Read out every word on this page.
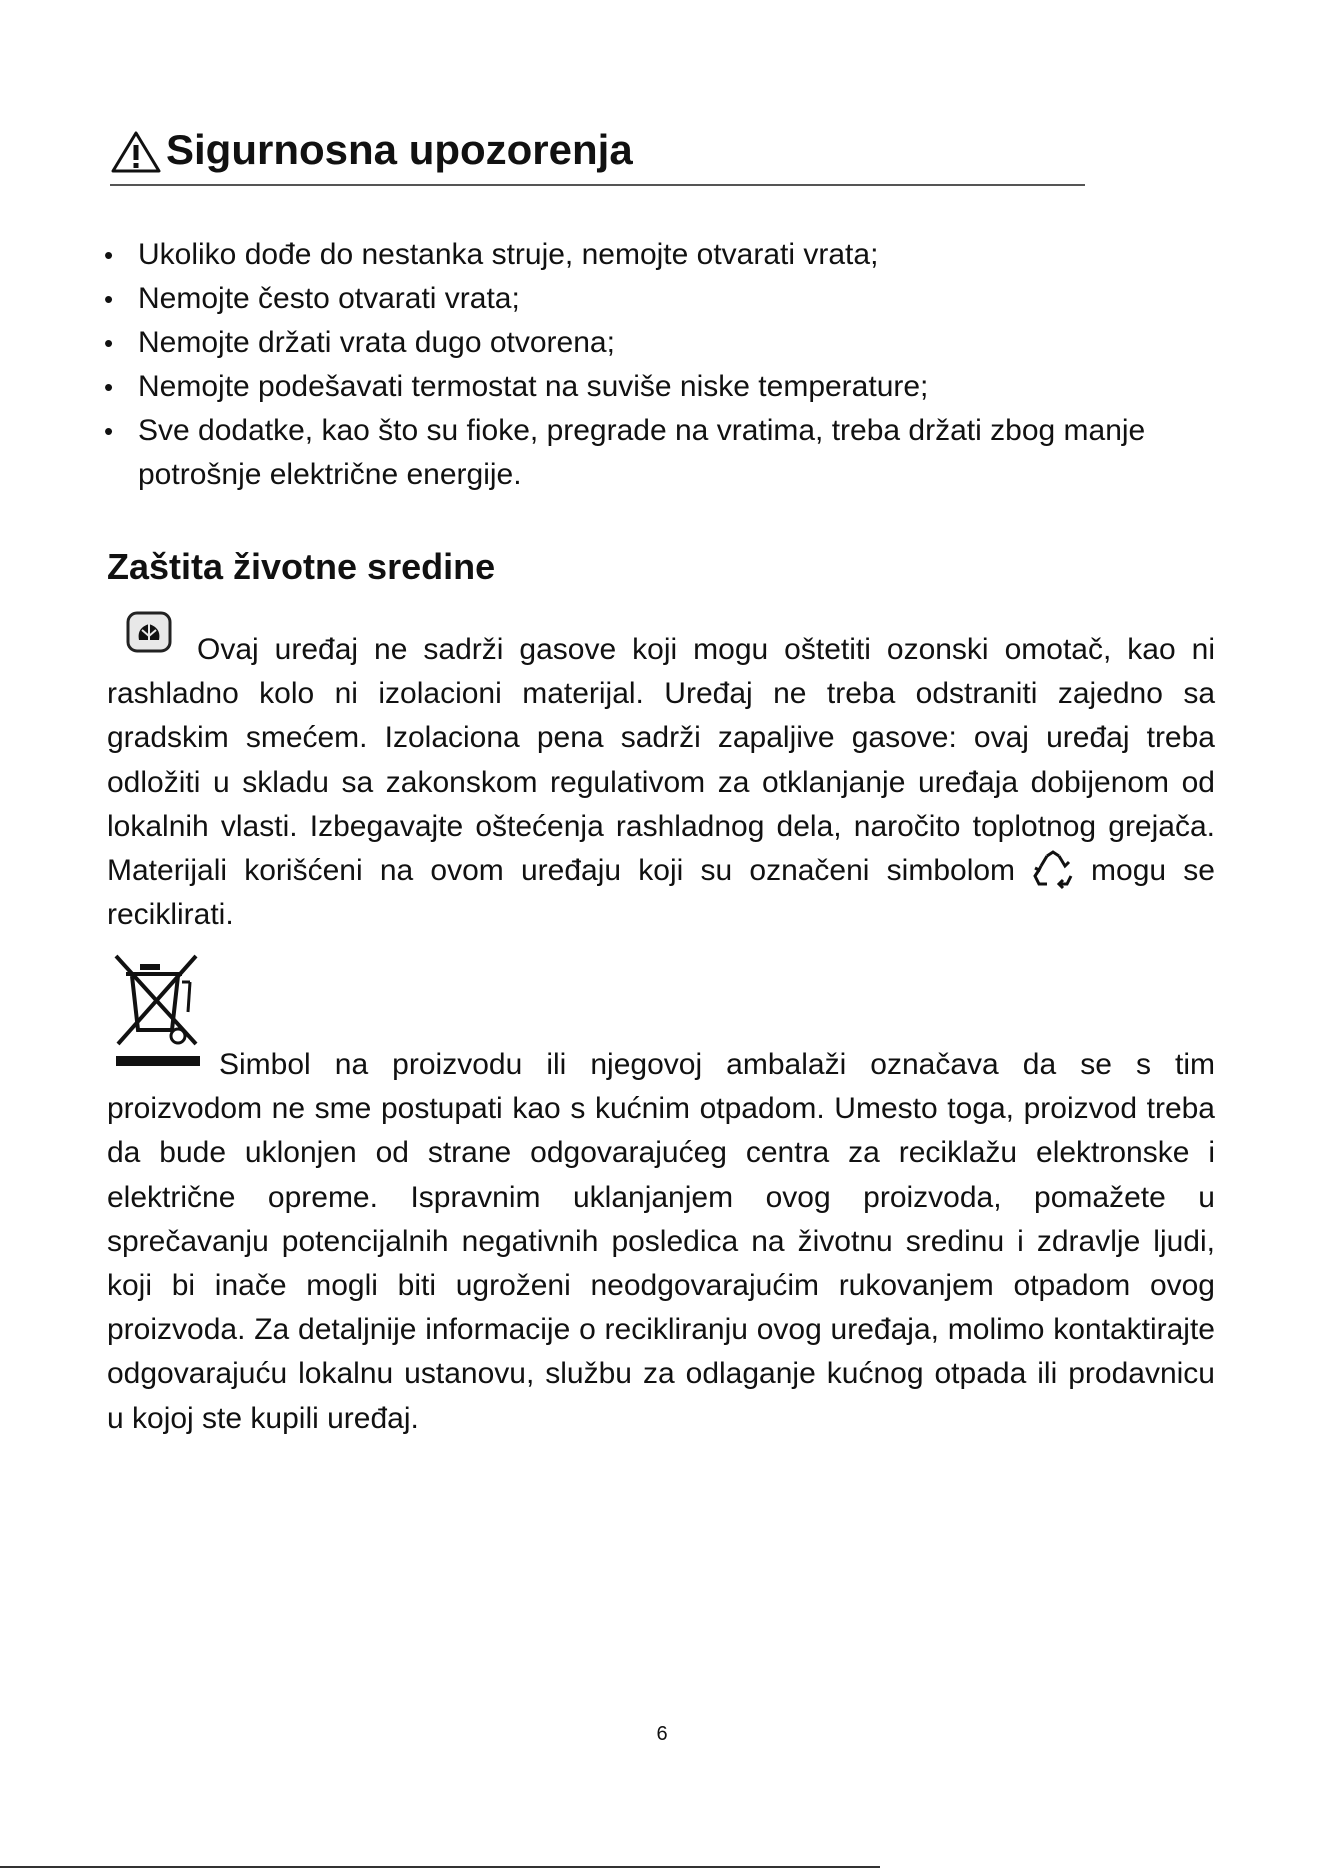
Sigurnosna upozorenja
• Ukoliko dođe do nestanka struje, nemojte otvarati vrata;
• Nemojte često otvarati vrata;
• Nemojte držati vrata dugo otvorena;
• Nemojte podešavati termostat na suviše niske temperature;
• Sve dodatke, kao što su fioke, pregrade na vratima, treba držati zbog manje potrošnje električne energije.
Zaštita životne sredine

Ovaj uređaj ne sadrži gasove koji mogu oštetiti ozonski omotač, kao ni rashladno kolo ni izolacioni materijal. Uređaj ne treba odstraniti zajedno sa gradskim smećem. Izolaciona pena sadrži zapaljive gasove: ovaj uređaj treba odložiti u skladu sa zakonskom regulativom za otklanjanje uređaja dobijenom od lokalnih vlasti. Izbegavajte oštećenja rashladnog dela, naročito toplotnog grejača. Materijali korišćeni na ovom uređaju koji su označeni simbolom	mogu se reciklirati.

Simbol na proizvodu ili njegovoj ambalaži označava da se s tim proizvodom ne sme postupati kao s kućnim otpadom. Umesto toga, proizvod treba da bude uklonjen od strane odgovarajućeg centra za reciklažu elektronske i električne opreme. Ispravnim uklanjanjem ovog proizvoda, pomažete u sprečavanju potencijalnih negativnih posledica na životnu sredinu i zdravlje ljudi, koji bi inače mogli biti ugroženi neodgovarajućim rukovanjem otpadom ovog proizvoda. Za detaljnije informacije o recikliranju ovog uređaja, molimo kontaktirajte odgovarajuću lokalnu ustanovu, službu za odlaganje kućnog otpada ili prodavnicu u kojoj ste kupili uređaj.

6
